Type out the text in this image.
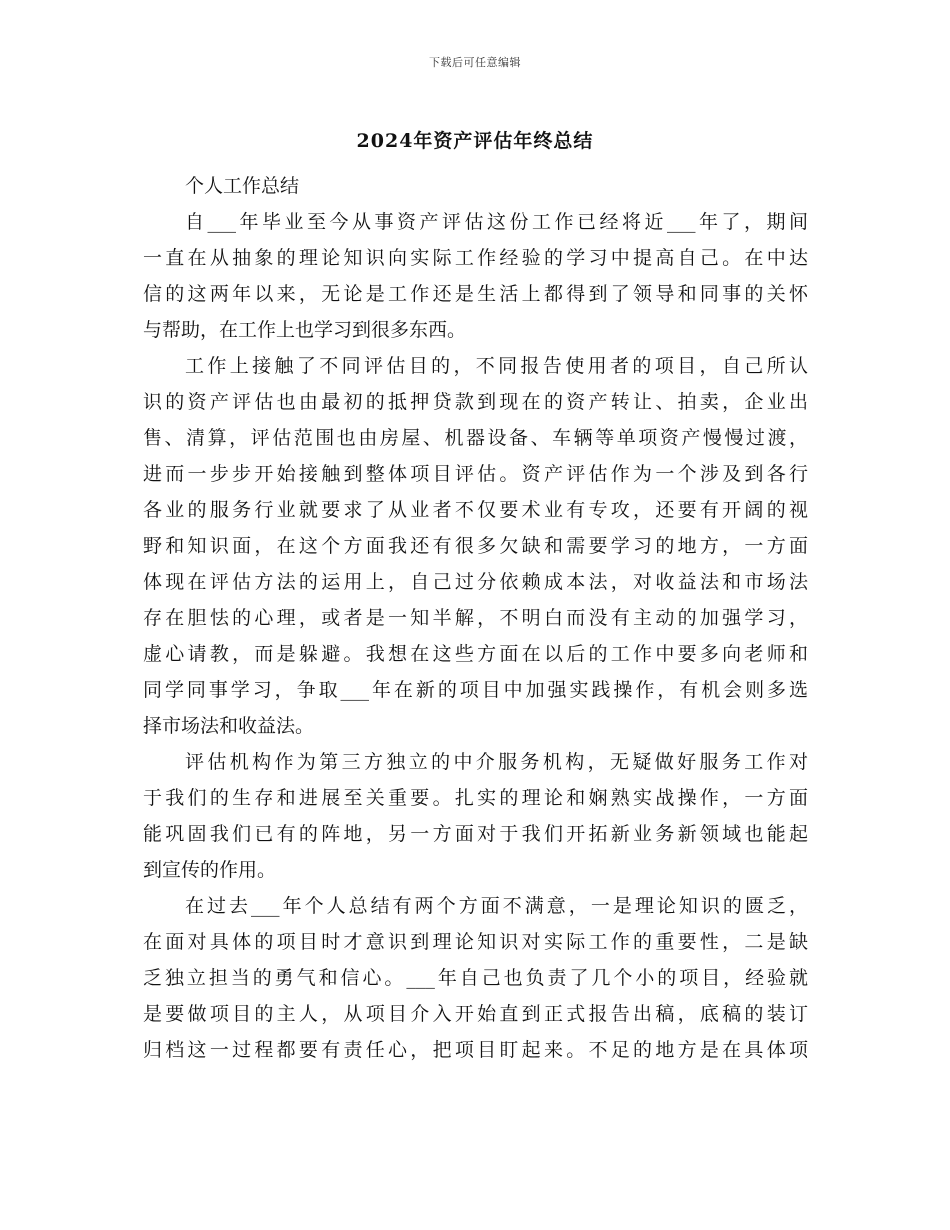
下载后可任意编辑
2024年资产评估年终总结

个人工作总结

自___年毕业至今从事资产评估这份工作已经将近___年了，期间
一直在从抽象的理论知识向实际工作经验的学习中提高自己。在中达
信的这两年以来，无论是工作还是生活上都得到了领导和同事的关怀
与帮助，在工作上也学习到很多东西。

工作上接触了不同评估目的，不同报告使用者的项目，自己所认
识的资产评估也由最初的抵押贷款到现在的资产转让、拍卖，企业出
售、清算，评估范围也由房屋、机器设备、车辆等单项资产慢慢过渡，
进而一步步开始接触到整体项目评估。资产评估作为一个涉及到各行
各业的服务行业就要求了从业者不仅要术业有专攻，还要有开阔的视
野和知识面，在这个方面我还有很多欠缺和需要学习的地方，一方面
体现在评估方法的运用上，自己过分依赖成本法，对收益法和市场法
存在胆怯的心理，或者是一知半解，不明白而没有主动的加强学习，
虚心请教，而是躲避。我想在这些方面在以后的工作中要多向老师和
同学同事学习，争取___年在新的项目中加强实践操作，有机会则多选
择市场法和收益法。

评估机构作为第三方独立的中介服务机构，无疑做好服务工作对
于我们的生存和进展至关重要。扎实的理论和娴熟实战操作，一方面
能巩固我们已有的阵地，另一方面对于我们开拓新业务新领域也能起
到宣传的作用。

在过去___年个人总结有两个方面不满意，一是理论知识的匮乏，
在面对具体的项目时才意识到理论知识对实际工作的重要性，二是缺
乏独立担当的勇气和信心。___年自己也负责了几个小的项目，经验就
是要做项目的主人，从项目介入开始直到正式报告出稿，底稿的装订
归档这一过程都要有责任心，把项目盯起来。不足的地方是在具体项
